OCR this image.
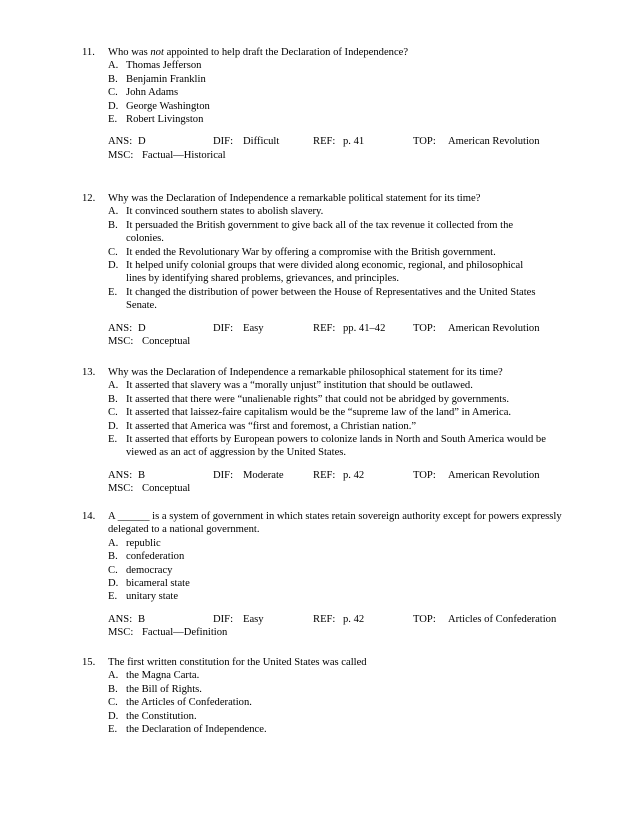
11. Who was not appointed to help draft the Declaration of Independence?
A. Thomas Jefferson
B. Benjamin Franklin
C. John Adams
D. George Washington
E. Robert Livingston
ANS: D	DIF: Difficult	REF: p. 41	TOP: American Revolution
MSC: Factual—Historical
12. Why was the Declaration of Independence a remarkable political statement for its time?
A. It convinced southern states to abolish slavery.
B. It persuaded the British government to give back all of the tax revenue it collected from the colonies.
C. It ended the Revolutionary War by offering a compromise with the British government.
D. It helped unify colonial groups that were divided along economic, regional, and philosophical lines by identifying shared problems, grievances, and principles.
E. It changed the distribution of power between the House of Representatives and the United States Senate.
ANS: D	DIF: Easy	REF: pp. 41–42	TOP: American Revolution
MSC: Conceptual
13. Why was the Declaration of Independence a remarkable philosophical statement for its time?
A. It asserted that slavery was a “morally unjust” institution that should be outlawed.
B. It asserted that there were “unalienable rights” that could not be abridged by governments.
C. It asserted that laissez-faire capitalism would be the “supreme law of the land” in America.
D. It asserted that America was “first and foremost, a Christian nation.”
E. It asserted that efforts by European powers to colonize lands in North and South America would be viewed as an act of aggression by the United States.
ANS: B	DIF: Moderate	REF: p. 42	TOP: American Revolution
MSC: Conceptual
14. A ______ is a system of government in which states retain sovereign authority except for powers expressly delegated to a national government.
A. republic
B. confederation
C. democracy
D. bicameral state
E. unitary state
ANS: B	DIF: Easy	REF: p. 42	TOP: Articles of Confederation
MSC: Factual—Definition
15. The first written constitution for the United States was called
A. the Magna Carta.
B. the Bill of Rights.
C. the Articles of Confederation.
D. the Constitution.
E. the Declaration of Independence.
